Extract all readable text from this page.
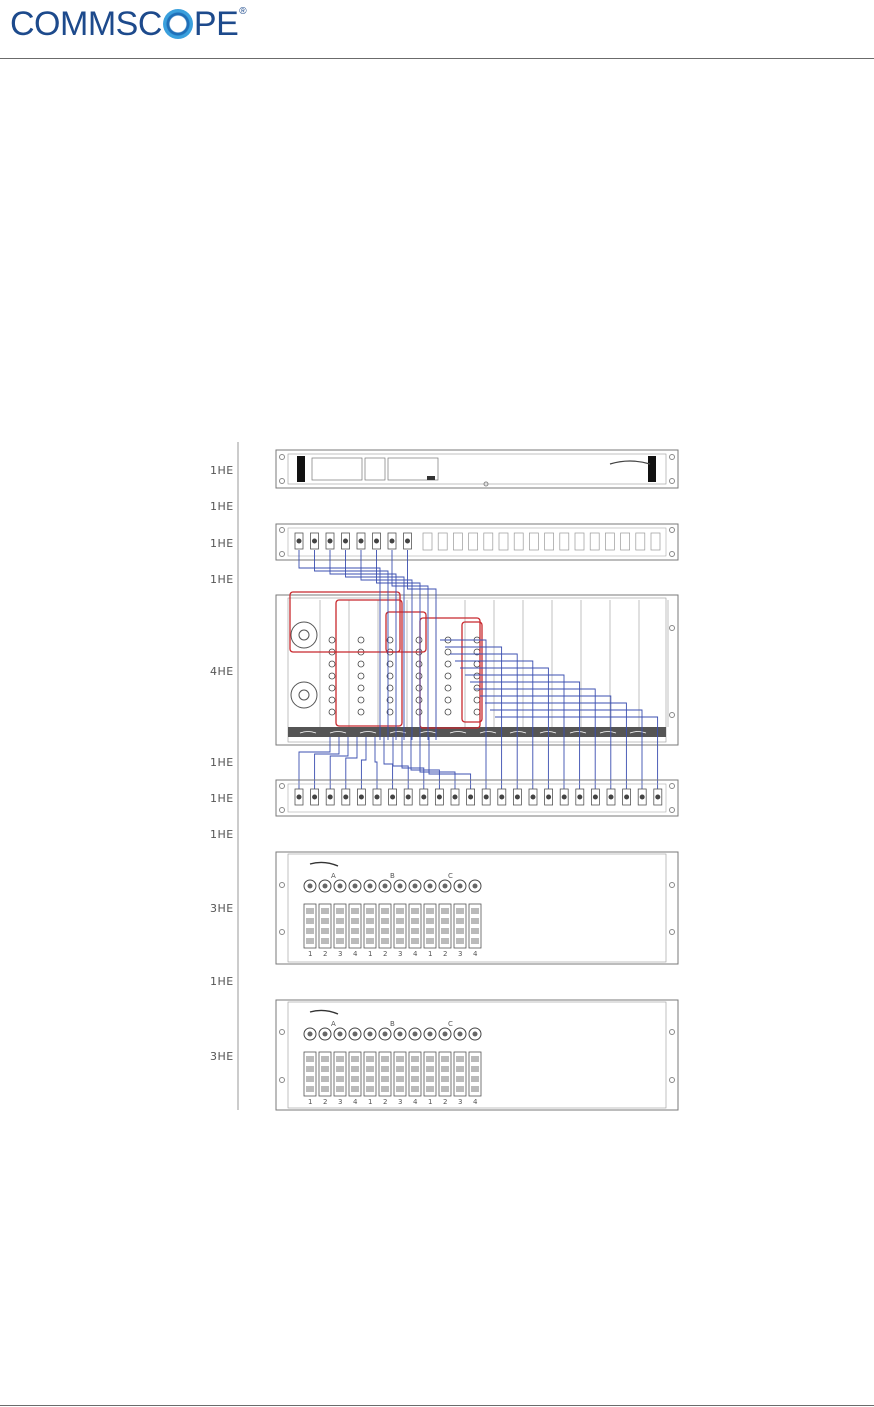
COMMSC PE ®
1HE
1HE
1HE
1HE
4HE
1HE
1HE
1HE
3HE
1HE
3HE
A	B	C
1 2 3 4 1 2 3 4 1 2 3 4
A	B	C
1 2 3 4 1 2 3 4 1 2 3 4
